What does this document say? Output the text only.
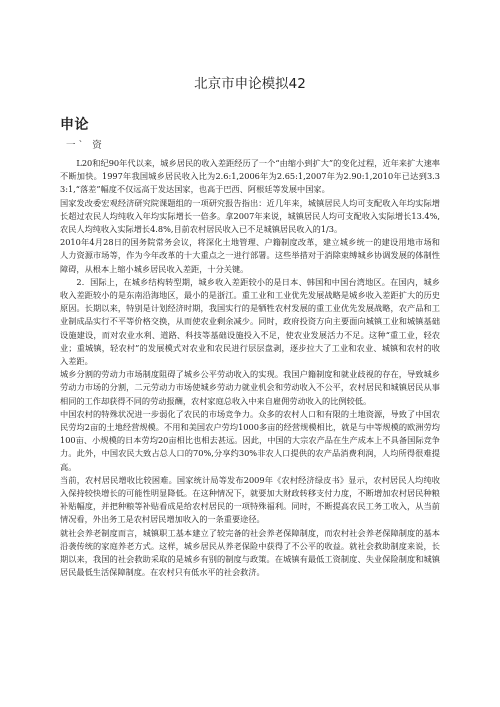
北京市申论模拟42
申论
一` 资

L20和纪90年代以来，城乡居民的收入差距经历了一个“由缩小到扩大”的变化过程，近年来扩大速率不断加快。1997年我国城乡居民收入比为2.6:1,2006年为2.65:1,2007年为2.90:1,2010年已达到3.33:1,“落差”幅度不仅远高于发达国家，也高于巴西、阿根廷等发展中国家。

国家发改委宏观经济研究院课题组的一项研究报告指出：近几年来，城镇居民人均可支配收入年均实际增长超过农民人均纯收入年均实际增长一倍多。拿2007年来说，城镇居民人均可支配收入实际增长13.4%,农民人均纯收入实际增长4.8%,目前农村居民收入已不足城镇居民收入的1/3。

2010年4月28日的国务院常务会议，将深化土地管理、户籍制度改革，建立城乡统一的建设用地市场和人力资源市场等，作为今年改革的十大重点之一进行部署。这些举措对于消除束缚城乡协调发展的体制性障碍，从根本上缩小城乡居民收入差距，十分关键。

2．国际上，在城乡结构转型期，城乡收入差距较小的是日本、韩国和中国台湾地区。在国内，城乡收入差距较小的是东南沿海地区，最小的是浙江。重工业和工业优先发展战略是城乡收入差距扩大的历史原因。长期以来，特别是计划经济时期，我国实行的是牺牲农村发展的重工业优先发展战略，农产品和工业制成品实行不平等价格交换，从而使农业剩余减少。同时，政府投资方向主要面向城镇工业和城镇基础设施建设，而对农业水利、道路、科技等基础设施投入不足，使农业发展活力不足。这种“重工业，轻农业；重城镇，轻农村”的发展模式对农业和农民进行层层盘剥，逐步拉大了工业和农业、城镇和农村的收入差距。

城乡分割的劳动力市场制度阻碍了城乡公平劳动收入的实现。我国户籍制度和就业歧视的存在，导致城乡劳动力市场的分割，二元劳动力市场使城乡劳动力就业机会和劳动收入不公平，农村居民和城镇居民从事相同的工作却获得不同的劳动报酬，农村家庭总收入中来自雇佣劳动收入的比例较低。

中国农村的特殊状况进一步弱化了农民的市场竞争力。众多的农村人口和有限的土地资源，导致了中国农民劳均2亩的土地经营规模。不用和美国农户劳均1000多亩的经营规模相比，就是与中等规模的欧洲劳均100亩、小规模的日本劳均20亩相比也相去甚远。因此，中国的大宗农产品在生产成本上不具备国际竞争力。此外，中国农民大致占总人口的70%,分享约30%非农人口提供的农产品消费利润，人均所得很难提高。

当前，农村居民增收比较困难。国家统计局等发布2009年《农村经济绿皮书》显示，农村居民人均纯收入保持较快增长的可能性明显降低。在这种情况下，就要加大财政转移支付力度，不断增加农村居民种粮补贴幅度，并把种粮等补贴看成是给农村居民的一项特殊福利。同时，不断提高农民工务工收入，从当前情况看，外出务工是农村居民增加收入的一条重要途径。

就社会养老制度而言，城镇职工基本建立了较完备的社会养老保障制度，而农村社会养老保障制度的基本沿袭传统的家庭养老方式。这样，城乡居民从养老保险中获得了不公平的收益。就社会救助制度来说，长期以来，我国的社会救助采取的是城乡有别的制度与政策。在城镇有最低工资制度、失业保险制度和城镇居民最低生活保障制度。在农村只有低水平的社会救济。
